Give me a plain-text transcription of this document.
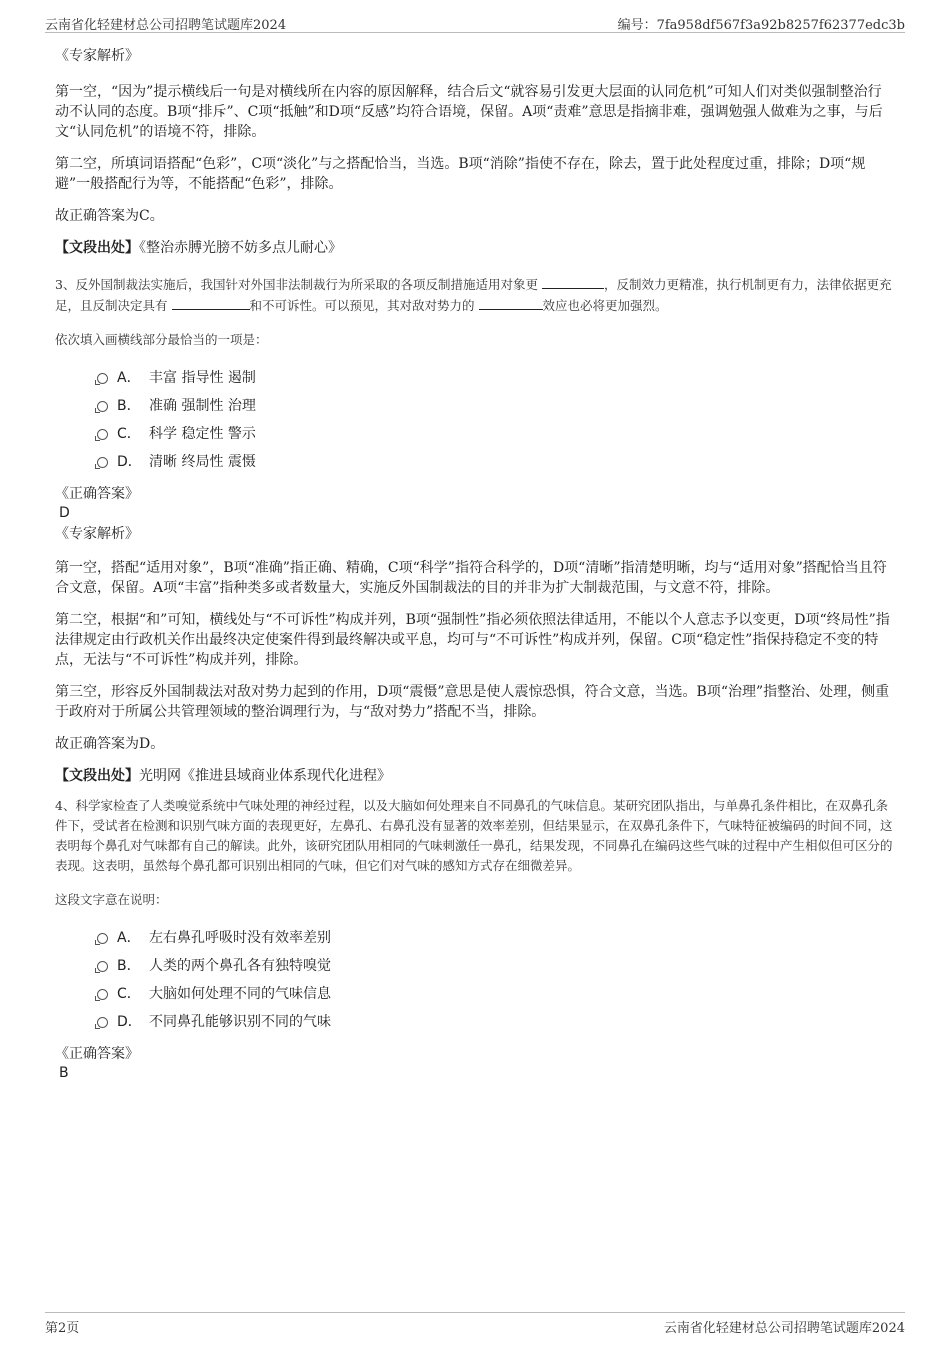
云南省化轻建材总公司招聘笔试题库2024	编号：7fa958df567f3a92b8257f62377edc3b

《专家解析》

第一空，“因为”提示横线后一句是对横线所在内容的原因解释，结合后文“就容易引发更大层面的认同危机”可知人们对类似强制整治行动不认同的态度。B项“排斥”、C项“抵触”和D项“反感”均符合语境，保留。A项“责难”意思是指摘非难，强调勉强人做难为之事，与后文“认同危机”的语境不符，排除。

第二空，所填词语搭配“色彩”，C项“淡化”与之搭配恰当，当选。B项“消除”指使不存在，除去，置于此处程度过重，排除；D项“规避”一般搭配行为等，不能搭配“色彩”，排除。

故正确答案为C。

【文段出处】《整治赤膊光膀不妨多点儿耐心》

3、反外国制裁法实施后，我国针对外国非法制裁行为所采取的各项反制措施适用对象更	，反制效力更精准，执行机制更有力，法律依据更充足，且反制决定具有	和不可诉性。可以预见，其对敌对势力的	效应也必将更加强烈。

依次填入画横线部分最恰当的一项是：

A． 丰富 指导性 遏制
B． 准确 强制性 治理
C． 科学 稳定性 警示
D． 清晰 终局性 震慑

《正确答案》

D

《专家解析》

第一空，搭配“适用对象”，B项“准确”指正确、精确，C项“科学”指符合科学的，D项“清晰”指清楚明晰，均与“适用对象”搭配恰当且符合文意，保留。A项“丰富”指种类多或者数量大，实施反外国制裁法的目的并非为扩大制裁范围，与文意不符，排除。

第二空，根据“和”可知，横线处与“不可诉性”构成并列，B项“强制性”指必须依照法律适用，不能以个人意志予以变更，D项“终局性”指法律规定由行政机关作出最终决定使案件得到最终解决或平息，均可与“不可诉性”构成并列，保留。C项“稳定性”指保持稳定不变的特点，无法与“不可诉性”构成并列，排除。

第三空，形容反外国制裁法对敌对势力起到的作用，D项“震慑”意思是使人震惊恐惧，符合文意，当选。B项“治理”指整治、处理，侧重于政府对于所属公共管理领域的整治调理行为，与“敌对势力”搭配不当，排除。

故正确答案为D。

【文段出处】光明网《推进县域商业体系现代化进程》

4、科学家检查了人类嗅觉系统中气味处理的神经过程，以及大脑如何处理来自不同鼻孔的气味信息。某研究团队指出，与单鼻孔条件相比，在双鼻孔条件下，受试者在检测和识别气味方面的表现更好，左鼻孔、右鼻孔没有显著的效率差别，但结果显示，在双鼻孔条件下，气味特征被编码的时间不同，这表明每个鼻孔对气味都有自己的解读。此外，该研究团队用相同的气味刺激任一鼻孔，结果发现，不同鼻孔在编码这些气味的过程中产生相似但可区分的表现。这表明，虽然每个鼻孔都可识别出相同的气味，但它们对气味的感知方式存在细微差异。

这段文字意在说明：

A． 左右鼻孔呼吸时没有效率差别
B． 人类的两个鼻孔各有独特嗅觉
C． 大脑如何处理不同的气味信息
D． 不同鼻孔能够识别不同的气味

《正确答案》

B

第2页	云南省化轻建材总公司招聘笔试题库2024
